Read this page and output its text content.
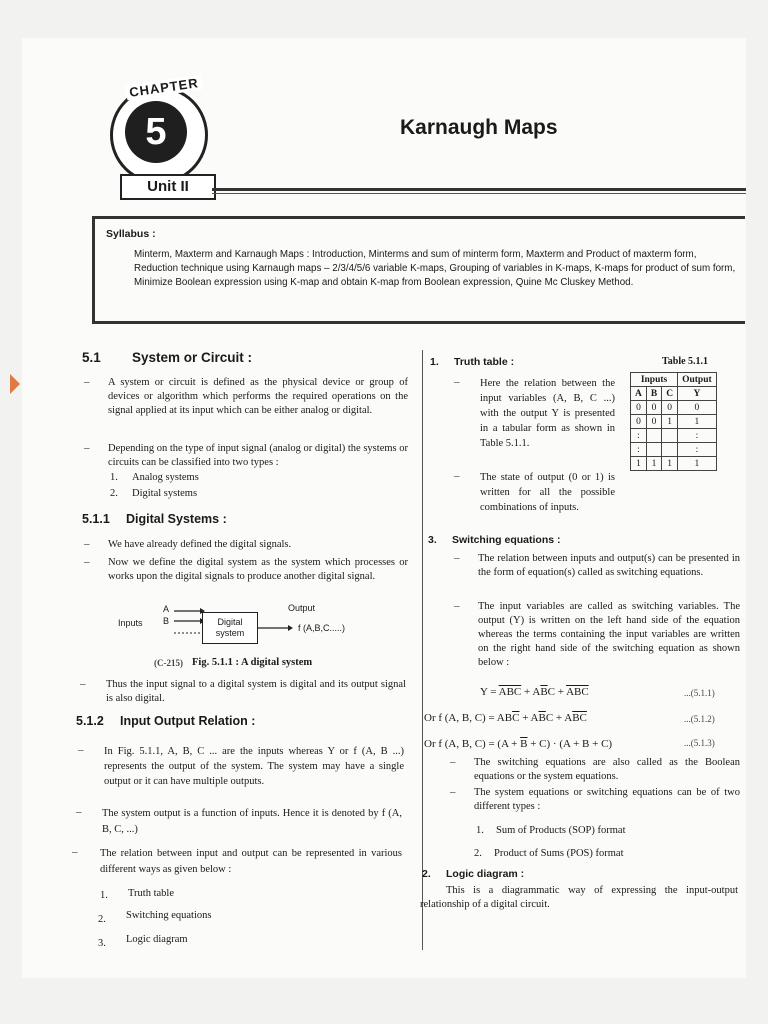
5
CHAPTER
Unit II
Karnaugh Maps
Syllabus :
Minterm, Maxterm and Karnaugh Maps : Introduction, Minterms and sum of minterm form, Maxterm and Product of maxterm form, Reduction technique using Karnaugh maps – 2/3/4/5/6 variable K-maps, Grouping of variables in K-maps, K-maps for product of sum form, Minimize Boolean expression using K-map and obtain K-map from Boolean expression, Quine Mc Cluskey Method.
5.1 System or Circuit :
– A system or circuit is defined as the physical device or group of devices or algorithm which performs the required operations on the signal applied at its input which can be either analog or digital.
– Depending on the type of input signal (analog or digital) the systems or circuits can be classified into two types :
1. Analog systems
2. Digital systems
5.1.1 Digital Systems :
– We have already defined the digital signals.
– Now we define the digital system as the system which processes or works upon the digital signals to produce another digital signal.
Inputs
A
B	Digital
system
Output
f (A,B,C.....)
(C-215) Fig. 5.1.1 : A digital system
– Thus the input signal to a digital system is digital and its output signal is also digital.
5.1.2 Input Output Relation :
– In Fig. 5.1.1, A, B, C ... are the inputs whereas Y or f (A, B ...) represents the output of the system. The system may have a single output or it can have multiple outputs.
– The system output is a function of inputs. Hence it is denoted by f (A, B, C, ...)
– The relation between input and output can be represented in various different ways as given below :
1. Truth table
2. Switching equations
3. Logic diagram
1. Truth table :
– Here the relation between the input variables (A, B, C ...) with the output Y is presented in a tabular form as shown in Table 5.1.1.
– The state of output (0 or 1) is written for all the possible combinations of inputs.
Table 5.1.1
Inputs			Output
A	B	C	Y
0	0	0	0
0	0	1	1
:			:
:			:
1	1	1	1
3. Switching equations :
– The relation between inputs and output(s) can be presented in the form of equation(s) called as switching equations.
– The input variables are called as switching variables. The output (Y) is written on the left hand side of the equation whereas the terms containing the input variables are written on the right hand side of the switching equation as shown below :
$Y = \overline{ABC} + A\overline{B}C + \overline{ABC}$	...(5.1.1)
Or f (A, B, $C) = AB\overline{C} + A\overline{B}C + A\overline{BC}$	...(5.1.2)
Or f (A, B, $C) = (A + \overline{B} + C) \cdot (A + B + C)$	...(5.1.3)
– The switching equations are also called as the Boolean equations or the system equations.
– The system equations or switching equations can be of two different types :
1. Sum of Products (SOP) format
2. Product of Sums (POS) format
2. Logic diagram :
This is a diagrammatic way of expressing the input-output relationship of a digital circuit.
